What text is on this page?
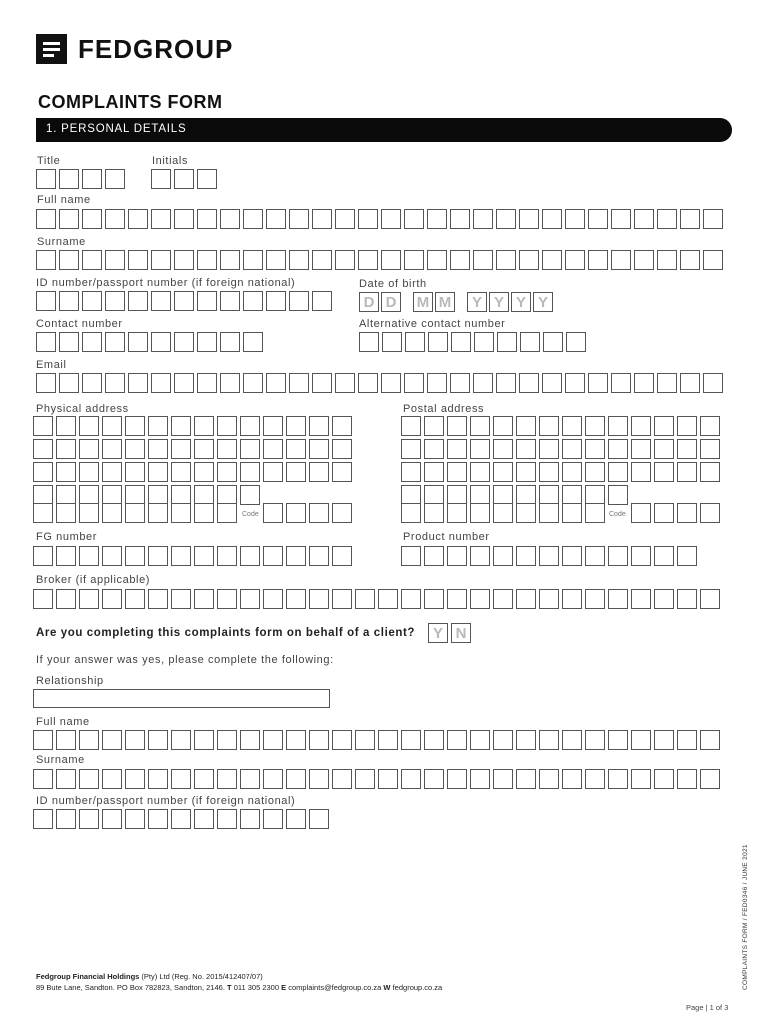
FEDGROUP
COMPLAINTS FORM
1. PERSONAL DETAILS
Title	Initials
Full name
Surname
ID number/passport number (if foreign national)	Date of birth
Contact number	Alternative contact number
Email
Physical address	Postal address
FG number	Product number
Broker (if applicable)
Are you completing this complaints form on behalf of a client?	Y N
If your answer was yes, please complete the following:
Relationship
Full name
Surname
ID number/passport number (if foreign national)
Code	Code
Fedgroup Financial Holdings (Pty) Ltd (Reg. No. 2015/412407/07)
89 Bute Lane, Sandton. PO Box 782823, Sandton, 2146. T 011 305 2300 E complaints@fedgroup.co.za W fedgroup.co.za
Page | 1 of 3
COMPLAINTS FORM / FED0346 / JUNE 2021
D D	M M	Y Y Y Y
